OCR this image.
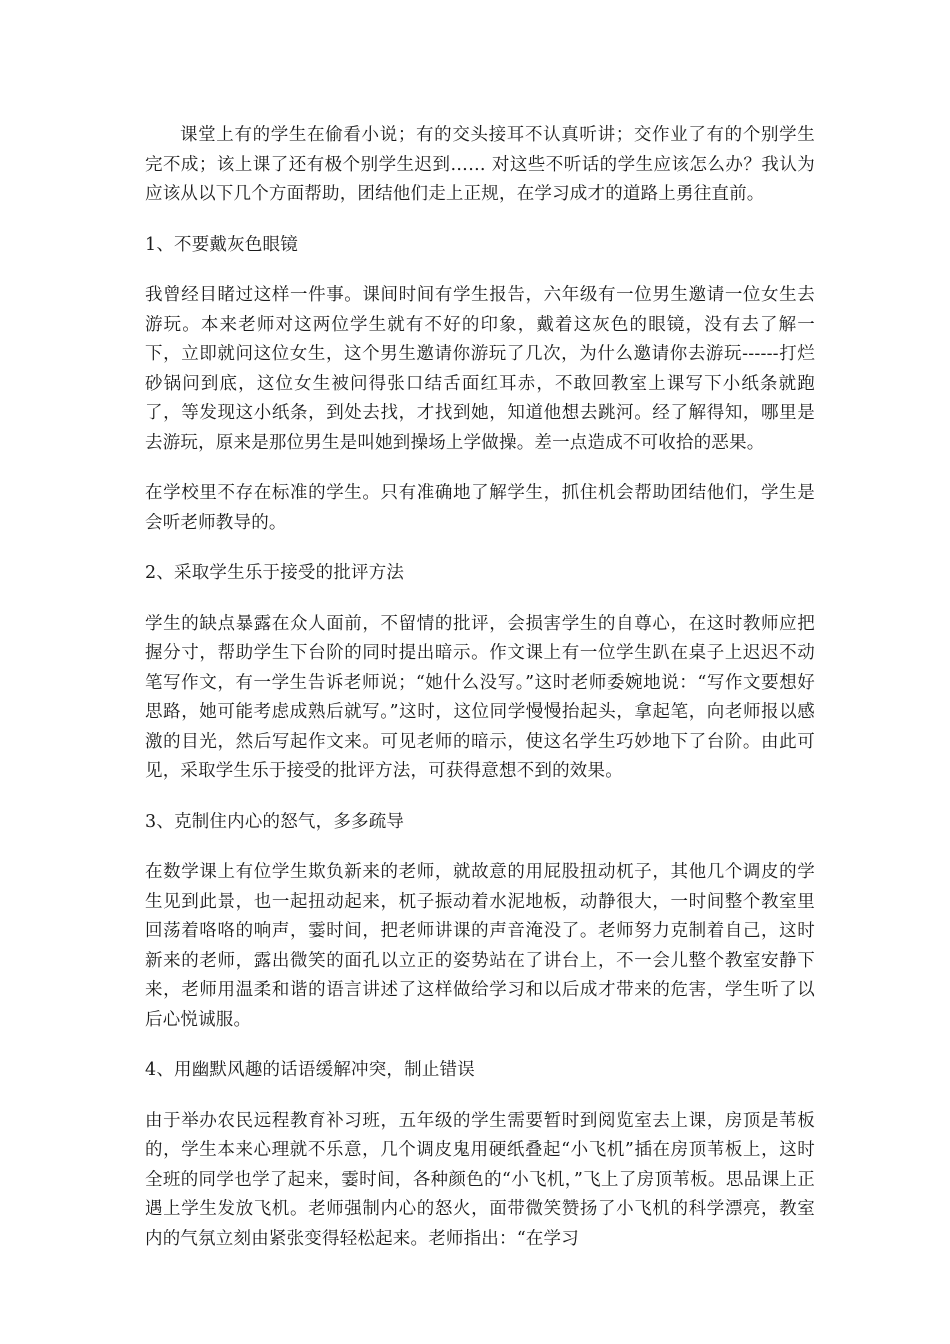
课堂上有的学生在偷看小说；有的交头接耳不认真听讲；交作业了有的个别学生完不成；该上课了还有极个别学生迟到…… 对这些不听话的学生应该怎么办？我认为应该从以下几个方面帮助，团结他们走上正规，在学习成才的道路上勇往直前。

1、不要戴灰色眼镜

我曾经目睹过这样一件事。课间时间有学生报告，六年级有一位男生邀请一位女生去游玩。本来老师对这两位学生就有不好的印象，戴着这灰色的眼镜，没有去了解一下，立即就问这位女生，这个男生邀请你游玩了几次，为什么邀请你去游玩------打烂砂锅问到底，这位女生被问得张口结舌面红耳赤，不敢回教室上课写下小纸条就跑了，等发现这小纸条，到处去找，才找到她，知道他想去跳河。经了解得知，哪里是去游玩，原来是那位男生是叫她到操场上学做操。差一点造成不可收拾的恶果。

在学校里不存在标准的学生。只有准确地了解学生，抓住机会帮助团结他们，学生是会听老师教导的。

2、采取学生乐于接受的批评方法

学生的缺点暴露在众人面前，不留情的批评，会损害学生的自尊心，在这时教师应把握分寸，帮助学生下台阶的同时提出暗示。作文课上有一位学生趴在桌子上迟迟不动笔写作文，有一学生告诉老师说；“她什么没写。”这时老师委婉地说：“写作文要想好思路，她可能考虑成熟后就写。”这时，这位同学慢慢抬起头，拿起笔，向老师报以感激的目光，然后写起作文来。可见老师的暗示，使这名学生巧妙地下了台阶。由此可见，采取学生乐于接受的批评方法，可获得意想不到的效果。

3、克制住内心的怒气，多多疏导

在数学课上有位学生欺负新来的老师，就故意的用屁股扭动杌子，其他几个调皮的学生见到此景，也一起扭动起来，杌子振动着水泥地板，动静很大，一时间整个教室里回荡着咯咯的响声，霎时间，把老师讲课的声音淹没了。老师努力克制着自己，这时新来的老师，露出微笑的面孔以立正的姿势站在了讲台上，不一会儿整个教室安静下来，老师用温柔和谐的语言讲述了这样做给学习和以后成才带来的危害，学生听了以后心悦诚服。

4、用幽默风趣的话语缓解冲突，制止错误

由于举办农民远程教育补习班，五年级的学生需要暂时到阅览室去上课，房顶是苇板的，学生本来心理就不乐意，几个调皮鬼用硬纸叠起“小飞机”插在房顶苇板上，这时全班的同学也学了起来，霎时间，各种颜色的“小飞机，”飞上了房顶苇板。思品课上正遇上学生发放飞机。老师强制内心的怒火，面带微笑赞扬了小飞机的科学漂亮，教室内的气氛立刻由紧张变得轻松起来。老师指出：“在学习
